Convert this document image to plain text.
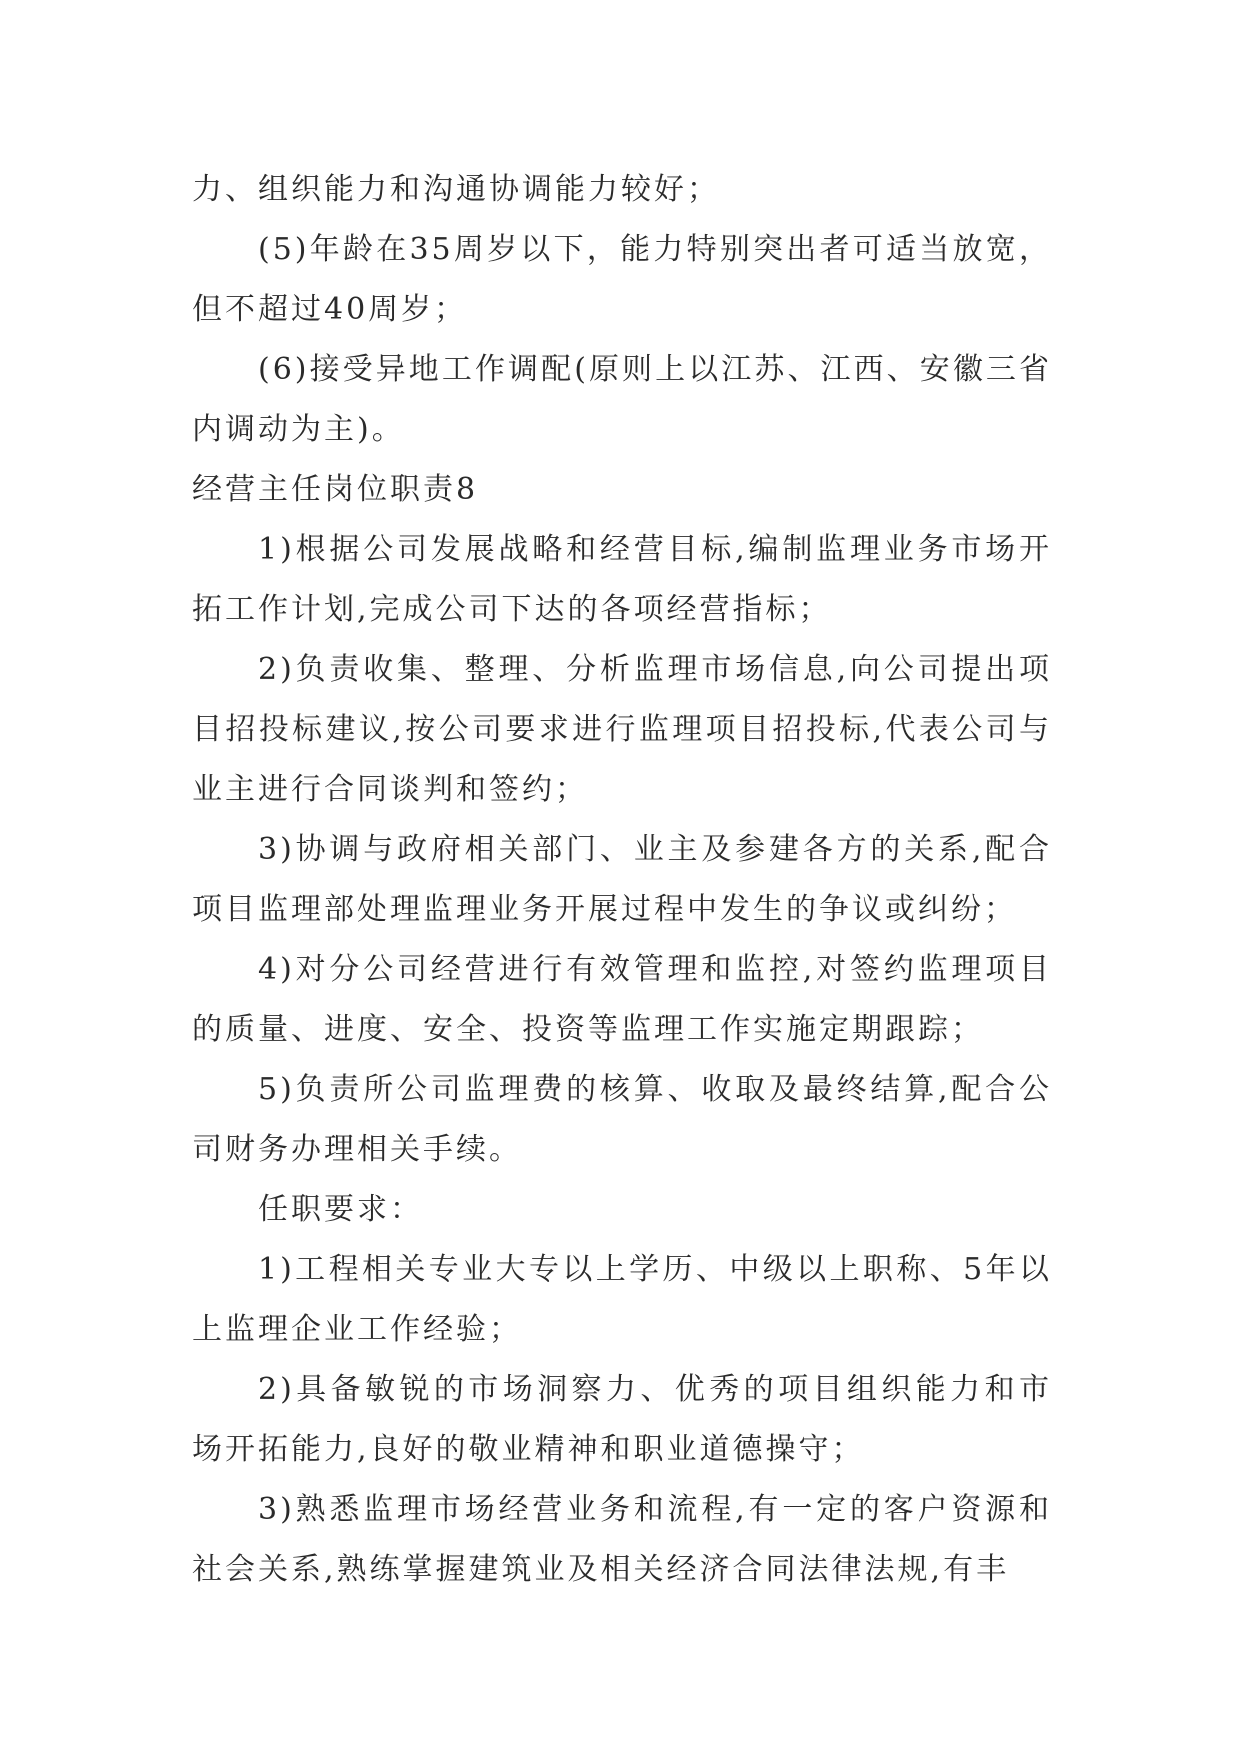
力、组织能力和沟通协调能力较好；

(5)年龄在35周岁以下，能力特别突出者可适当放宽，但不超过40周岁；

(6)接受异地工作调配(原则上以江苏、江西、安徽三省内调动为主)。

经营主任岗位职责8

1)根据公司发展战略和经营目标,编制监理业务市场开拓工作计划,完成公司下达的各项经营指标；

2)负责收集、整理、分析监理市场信息,向公司提出项目招投标建议,按公司要求进行监理项目招投标,代表公司与业主进行合同谈判和签约；

3)协调与政府相关部门、业主及参建各方的关系,配合项目监理部处理监理业务开展过程中发生的争议或纠纷；

4)对分公司经营进行有效管理和监控,对签约监理项目的质量、进度、安全、投资等监理工作实施定期跟踪；

5)负责所公司监理费的核算、收取及最终结算,配合公司财务办理相关手续。

任职要求：

1)工程相关专业大专以上学历、中级以上职称、5年以上监理企业工作经验；

2)具备敏锐的市场洞察力、优秀的项目组织能力和市场开拓能力,良好的敬业精神和职业道德操守；

3)熟悉监理市场经营业务和流程,有一定的客户资源和社会关系,熟练掌握建筑业及相关经济合同法律法规,有丰
